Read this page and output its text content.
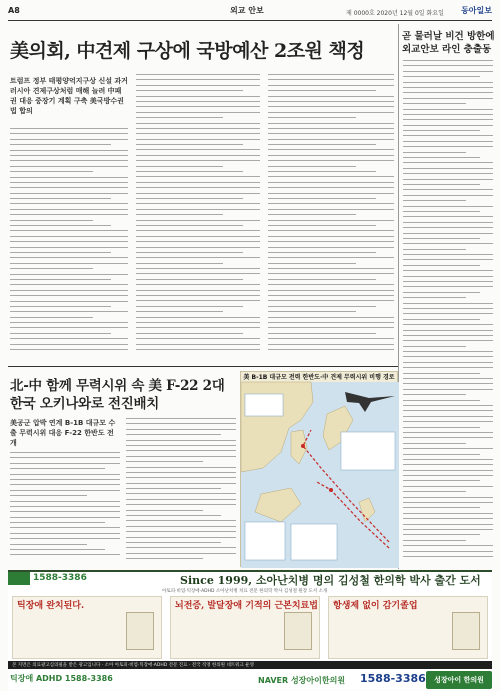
A8	외교 안보	제 0000호 2020년 12월 0일 화요일 동아일보
美의회, 中견제 구상에 국방예산 2조원 책정
트럼프 정부 태평양억지구상 신설 과거 러시아 견제구상처럼 매해 늘려 中패권 대응 중장기 계획 구축 美국방수권법 합의
곧 물러날 비건 방한에 외교안보 라인 충출동
北-中 함께 무력시위 속 美 F-22 2대 한국 오키나와로 전진배치
美공군 압박 연계 B-1B 대규모 수출 무력시위 대응 F-22 한반도 전개
美 B-1B 대규모 전력 한반도·中 견제 무력시위 비행 경로
1588-3386	Since 1999, 소아난치병 명의 김성철 한의학 박사 출간 도서
아토피·비염·틱장애·ADHD 소아난치병 치료 전문 한의학 박사 김성철 원장 도서 소개
틱장애 완치된다.	뇌전증, 발달장애 기적의 근본치료법 항생제 없이 감기졸업
본 지면은 의료광고심의필을 받은 광고입니다 · 소아 아토피·비염·틱장애·ADHD 전문 진료 · 전국 직영 한의원 네트워크 운영
틱장애 ADHD 1588-3386	NAVER 성장아이한의원 1588-3386	성장아이 한의원
